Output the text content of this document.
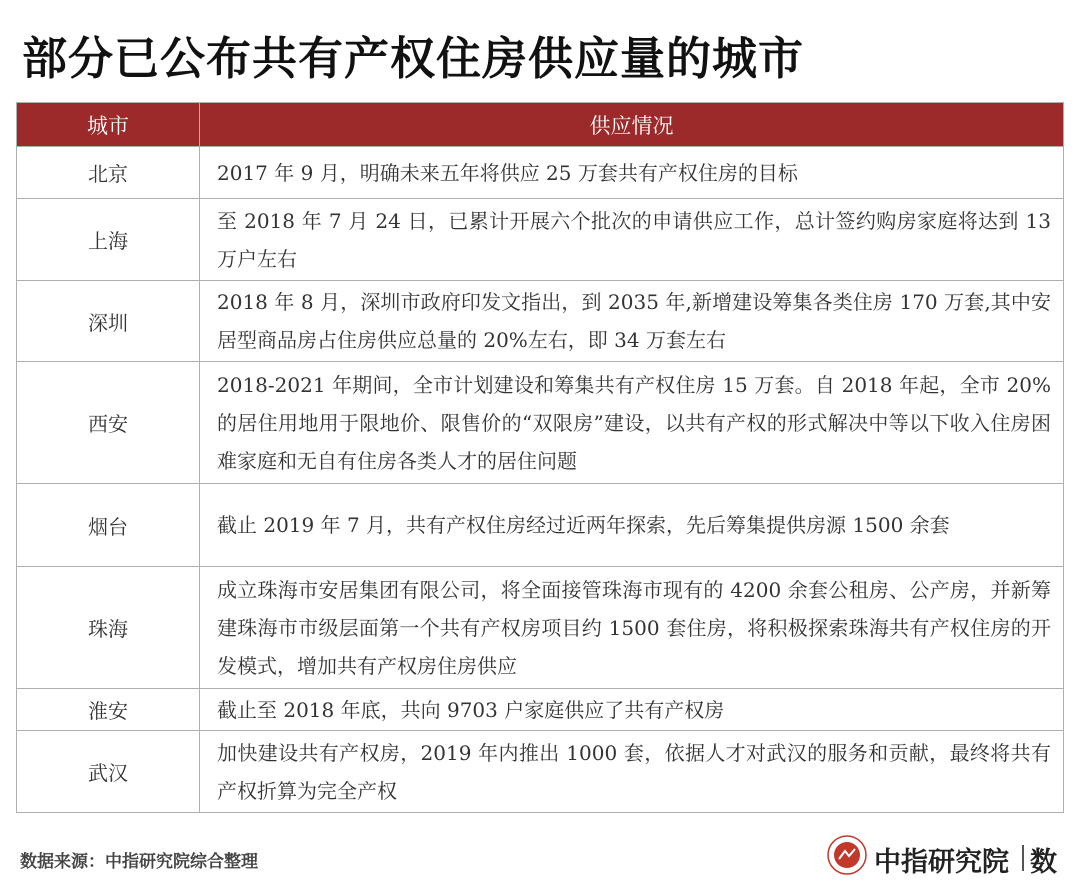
部分已公布共有产权住房供应量的城市
城市	供应情况
北京	2017 年 9 月，明确未来五年将供应 25 万套共有产权住房的目标
上海	至 2018 年 7 月 24 日，已累计开展六个批次的申请供应工作，总计签约购房家庭将达到 13 万户左右
深圳	2018 年 8 月，深圳市政府印发文指出，到 2035 年,新增建设筹集各类住房 170 万套,其中安居型商品房占住房供应总量的 20%左右，即 34 万套左右
西安	2018-2021 年期间，全市计划建设和筹集共有产权住房 15 万套。自 2018 年起，全市 20%的居住用地用于限地价、限售价的“双限房”建设，以共有产权的形式解决中等以下收入住房困难家庭和无自有住房各类人才的居住问题
烟台	截止 2019 年 7 月，共有产权住房经过近两年探索，先后筹集提供房源 1500 余套
珠海	成立珠海市安居集团有限公司，将全面接管珠海市现有的 4200 余套公租房、公产房，并新筹建珠海市市级层面第一个共有产权房项目约 1500 套住房，将积极探索珠海共有产权住房的开发模式，增加共有产权房住房供应
淮安	截止至 2018 年底，共向 9703 户家庭供应了共有产权房
武汉	加快建设共有产权房，2019 年内推出 1000 套，依据人才对武汉的服务和贡献，最终将共有产权折算为完全产权
数据来源：中指研究院综合整理	中指研究院 数
